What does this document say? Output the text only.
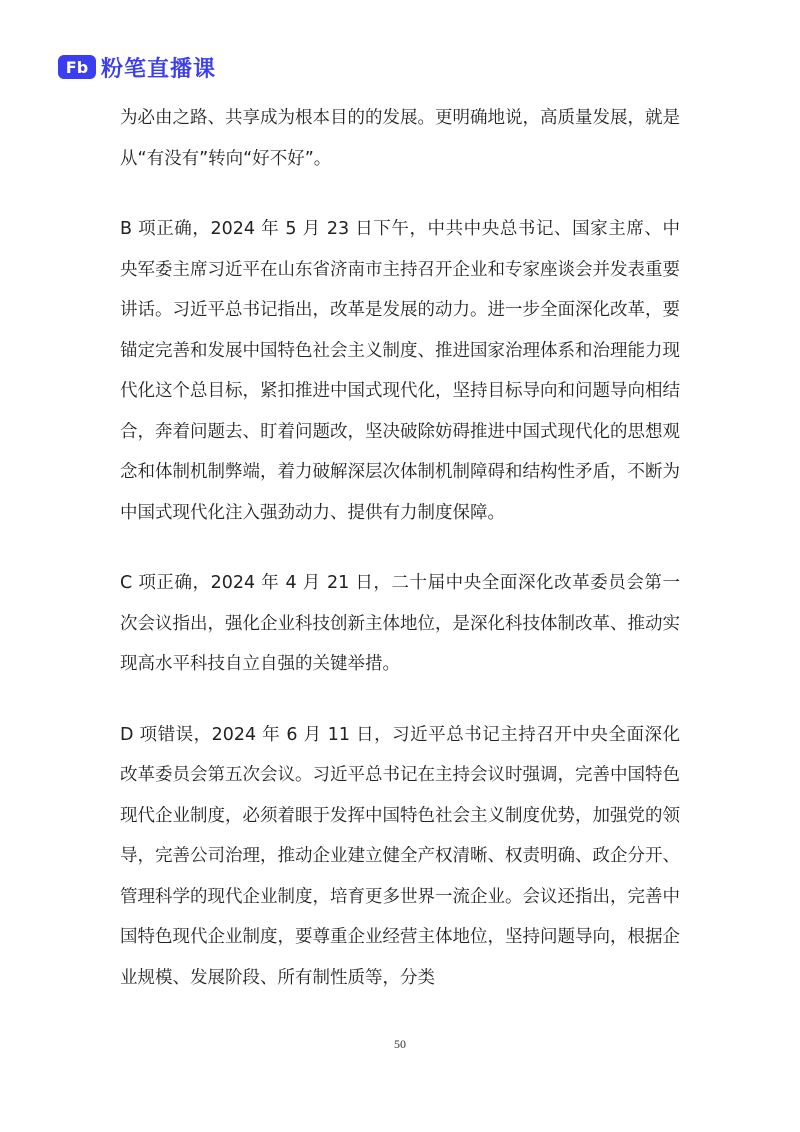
Fb 粉笔直播课

为必由之路、共享成为根本目的的发展。更明确地说，高质量发展，就是从“有没有”转向“好不好”。

B 项正确，2024 年 5 月 23 日下午，中共中央总书记、国家主席、中央军委主席习近平在山东省济南市主持召开企业和专家座谈会并发表重要讲话。习近平总书记指出，改革是发展的动力。进一步全面深化改革，要锚定完善和发展中国特色社会主义制度、推进国家治理体系和治理能力现代化这个总目标，紧扣推进中国式现代化，坚持目标导向和问题导向相结合，奔着问题去、盯着问题改，坚决破除妨碍推进中国式现代化的思想观念和体制机制弊端，着力破解深层次体制机制障碍和结构性矛盾，不断为中国式现代化注入强劲动力、提供有力制度保障。

C 项正确，2024 年 4 月 21 日，二十届中央全面深化改革委员会第一次会议指出，强化企业科技创新主体地位，是深化科技体制改革、推动实现高水平科技自立自强的关键举措。

D 项错误，2024 年 6 月 11 日，习近平总书记主持召开中央全面深化改革委员会第五次会议。习近平总书记在主持会议时强调，完善中国特色现代企业制度，必须着眼于发挥中国特色社会主义制度优势，加强党的领导，完善公司治理，推动企业建立健全产权清晰、权责明确、政企分开、管理科学的现代企业制度，培育更多世界一流企业。会议还指出，完善中国特色现代企业制度，要尊重企业经营主体地位，坚持问题导向，根据企业规模、发展阶段、所有制性质等，分类

50
